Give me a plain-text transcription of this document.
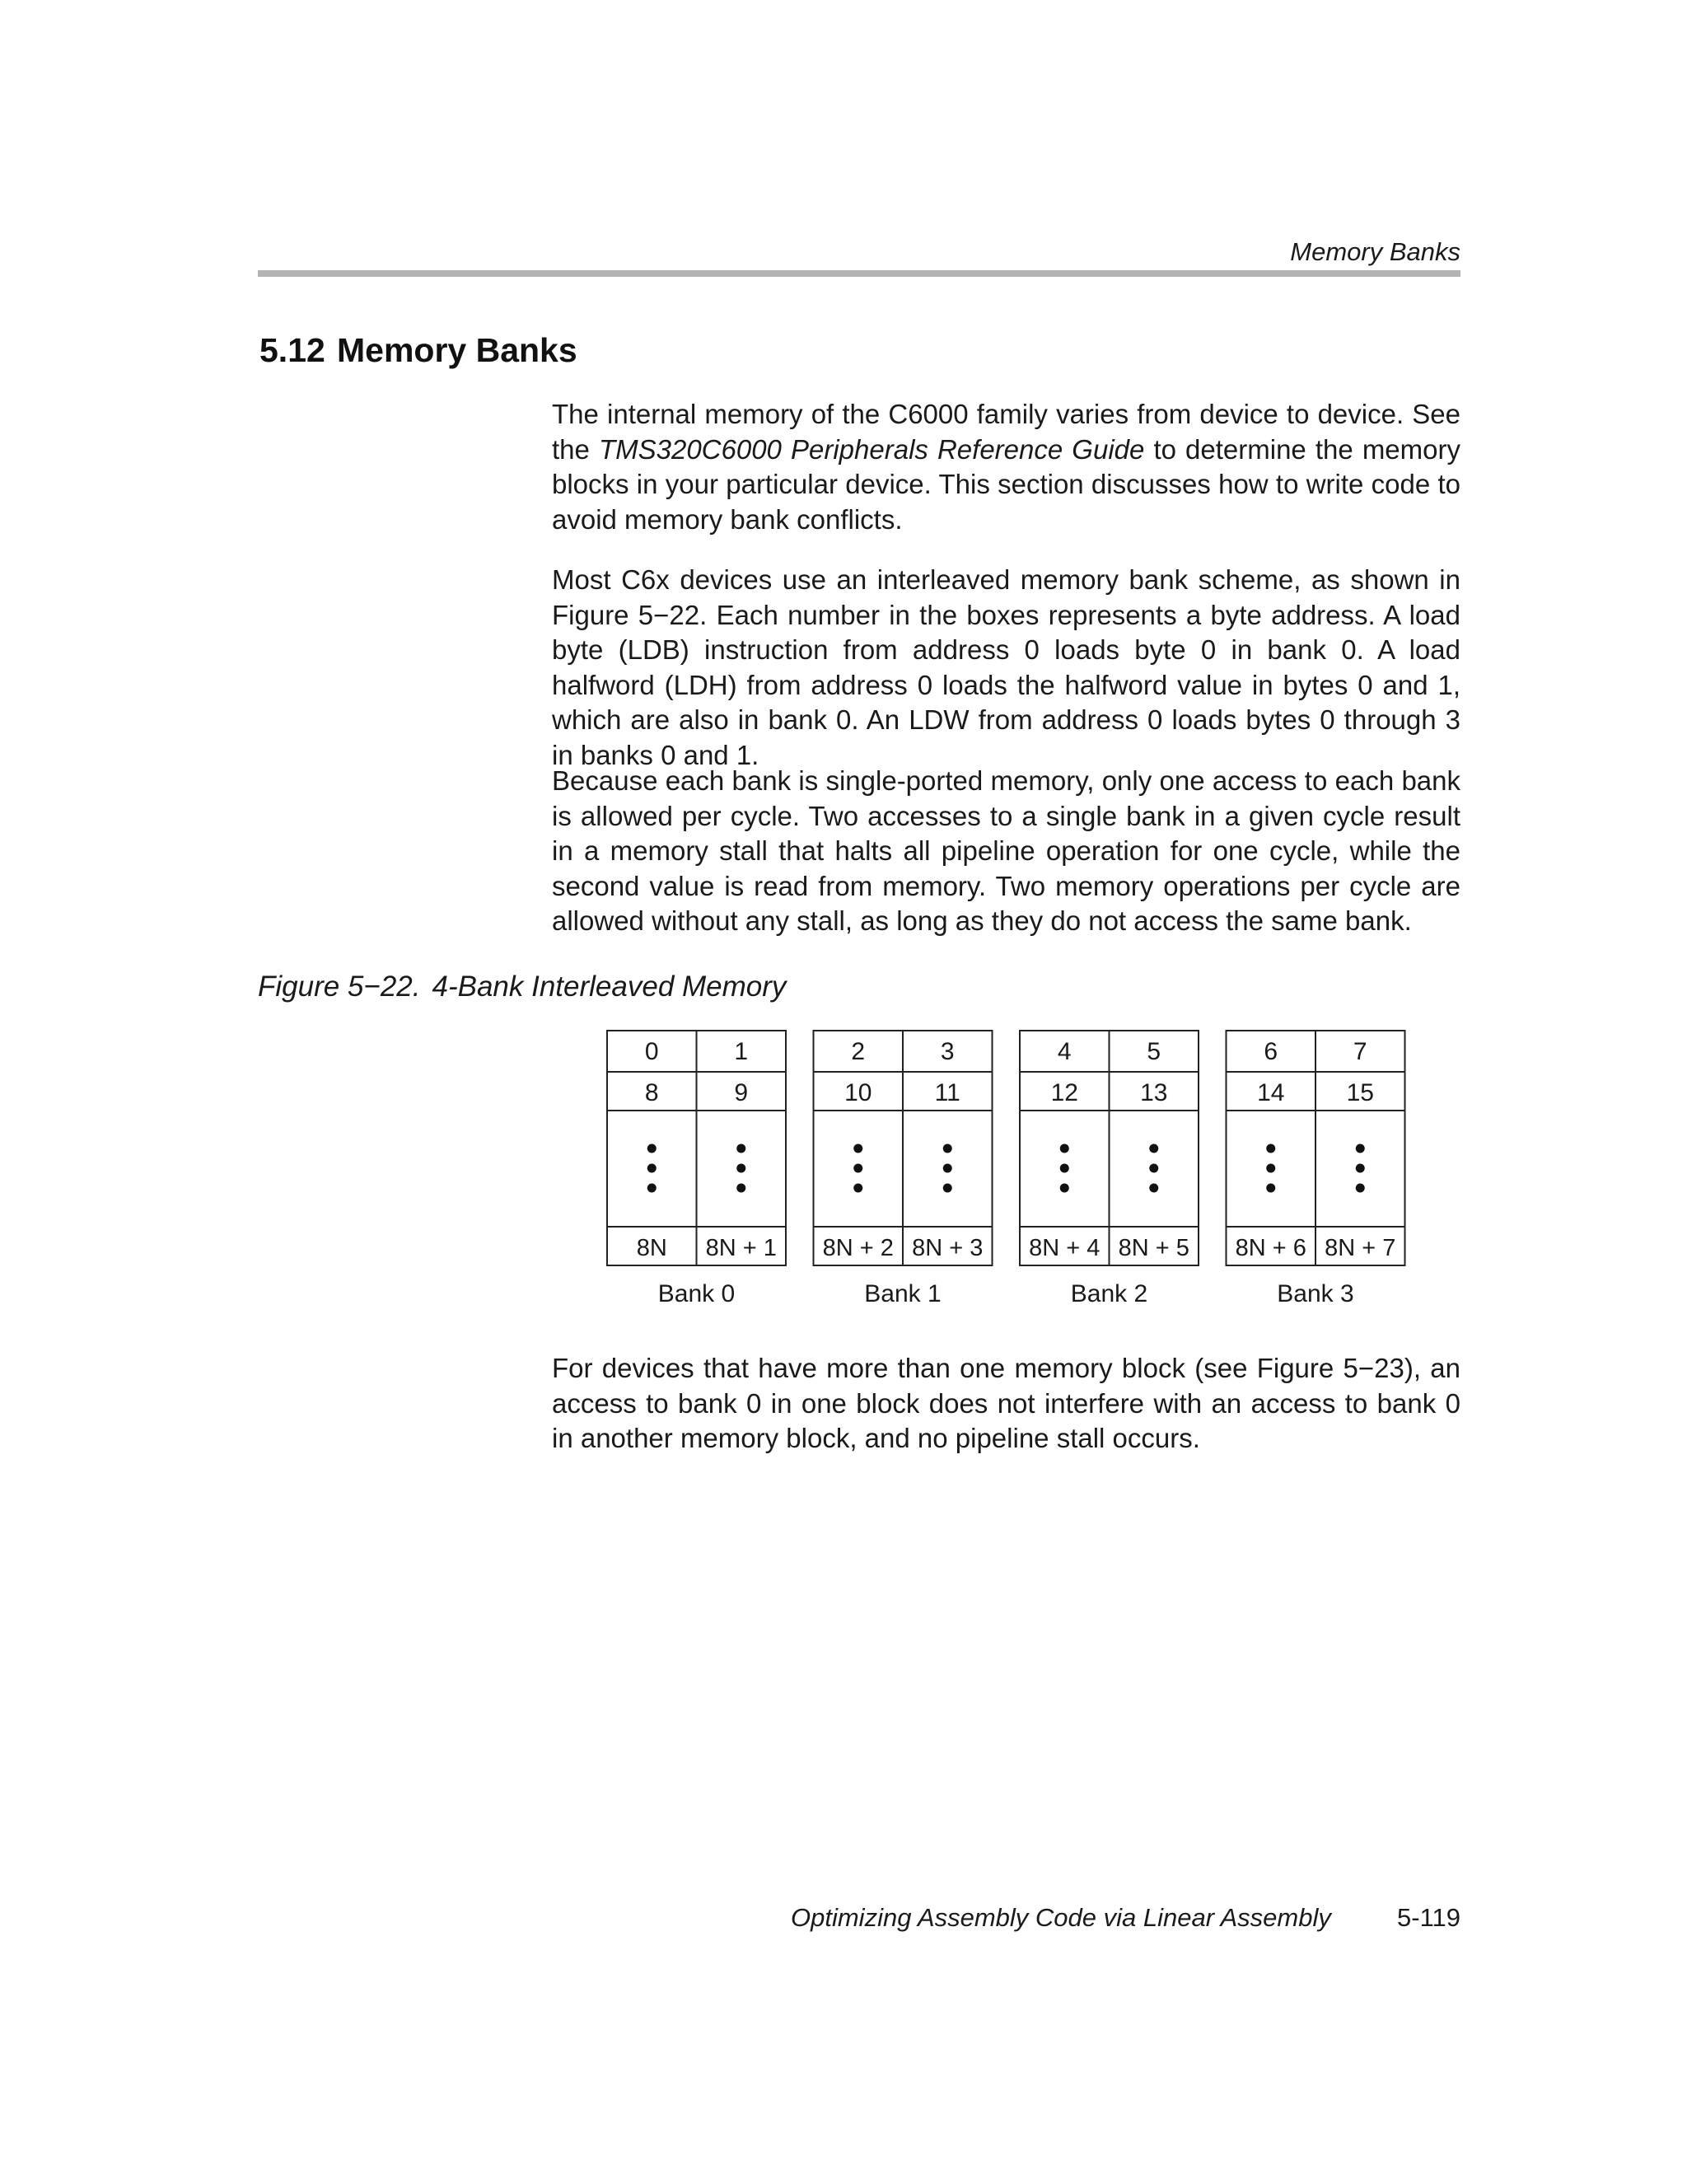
Memory Banks
5.12 Memory Banks

The internal memory of the C6000 family varies from device to device. See the TMS320C6000 Peripherals Reference Guide to determine the memory blocks in your particular device. This section discusses how to write code to avoid memory bank conflicts.

Most C6x devices use an interleaved memory bank scheme, as shown in Figure 5−22. Each number in the boxes represents a byte address. A load byte (LDB) instruction from address 0 loads byte 0 in bank 0. A load halfword (LDH) from address 0 loads the halfword value in bytes 0 and 1, which are also in bank 0. An LDW from address 0 loads bytes 0 through 3 in banks 0 and 1.

Because each bank is single-ported memory, only one access to each bank is allowed per cycle. Two accesses to a single bank in a given cycle result in a memory stall that halts all pipeline operation for one cycle, while the second value is read from memory. Two memory operations per cycle are allowed without any stall, as long as they do not access the same bank.

Figure 5−22. 4-Bank Interleaved Memory
0
8
8N
1
9
8N + 1
Bank 0
2
10
8N + 2
3
11
8N + 3
Bank 1
4
12
8N + 4
5
13
8N + 5
Bank 2
6
14
8N + 6
7
15
8N + 7
Bank 3

For devices that have more than one memory block (see Figure 5−23), an access to bank 0 in one block does not interfere with an access to bank 0 in another memory block, and no pipeline stall occurs.

Optimizing Assembly Code via Linear Assembly	5-119
